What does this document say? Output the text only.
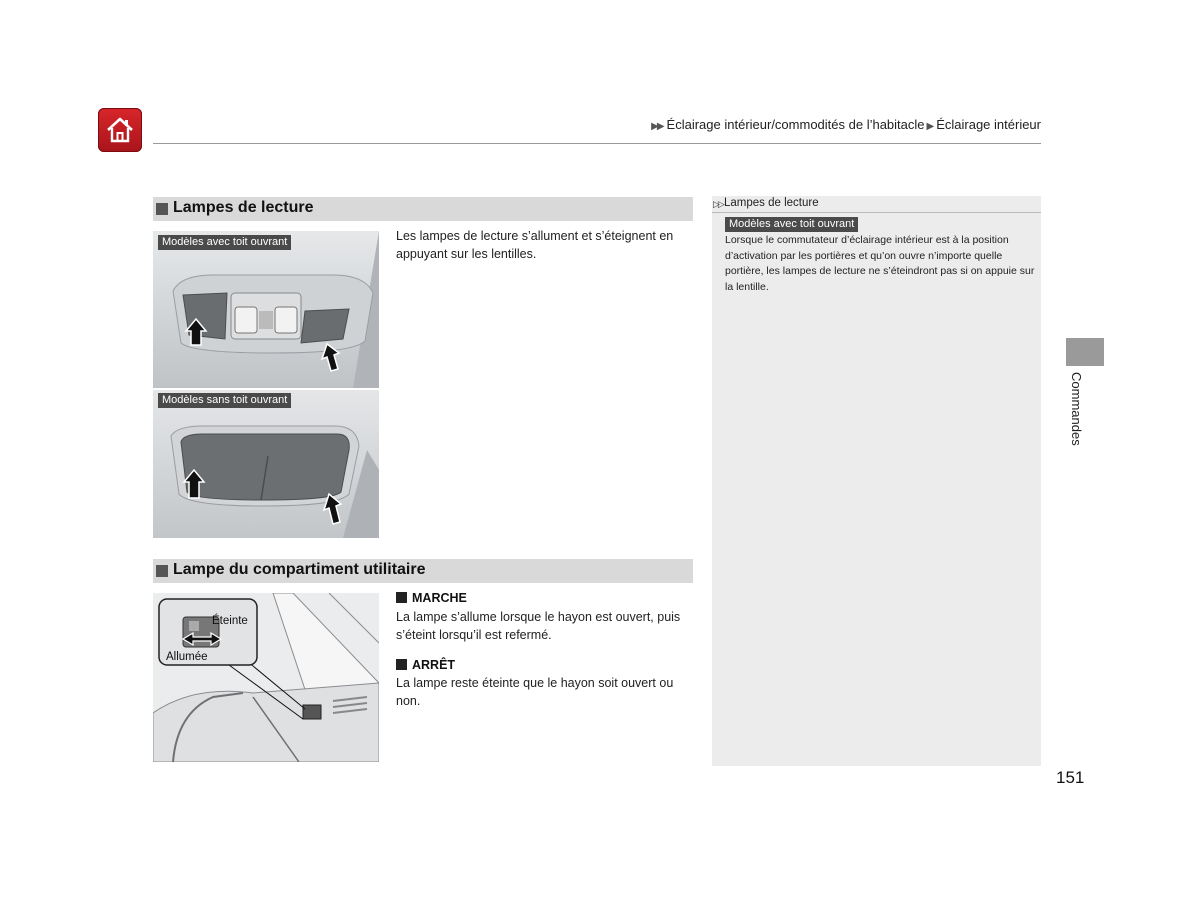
▶▶ Éclairage intérieur/commodités de l’habitacle ▶ Éclairage intérieur
Lampes de lecture
Modèles avec toit ouvrant
Modèles sans toit ouvrant
Les lampes de lecture s’allument et s’éteignent en appuyant sur les lentilles.
Lampe du compartiment utilitaire
Éteinte
Allumée
MARCHE
La lampe s’allume lorsque le hayon est ouvert, puis s’éteint lorsqu’il est refermé.
ARRÊT
La lampe reste éteinte que le hayon soit ouvert ou non.
▷▷ Lampes de lecture
Modèles avec toit ouvrant
Lorsque le commutateur d’éclairage intérieur est à la position d’activation par les portières et qu’on ouvre n’importe quelle portière, les lampes de lecture ne s’éteindront pas si on appuie sur la lentille.
Commandes
151
